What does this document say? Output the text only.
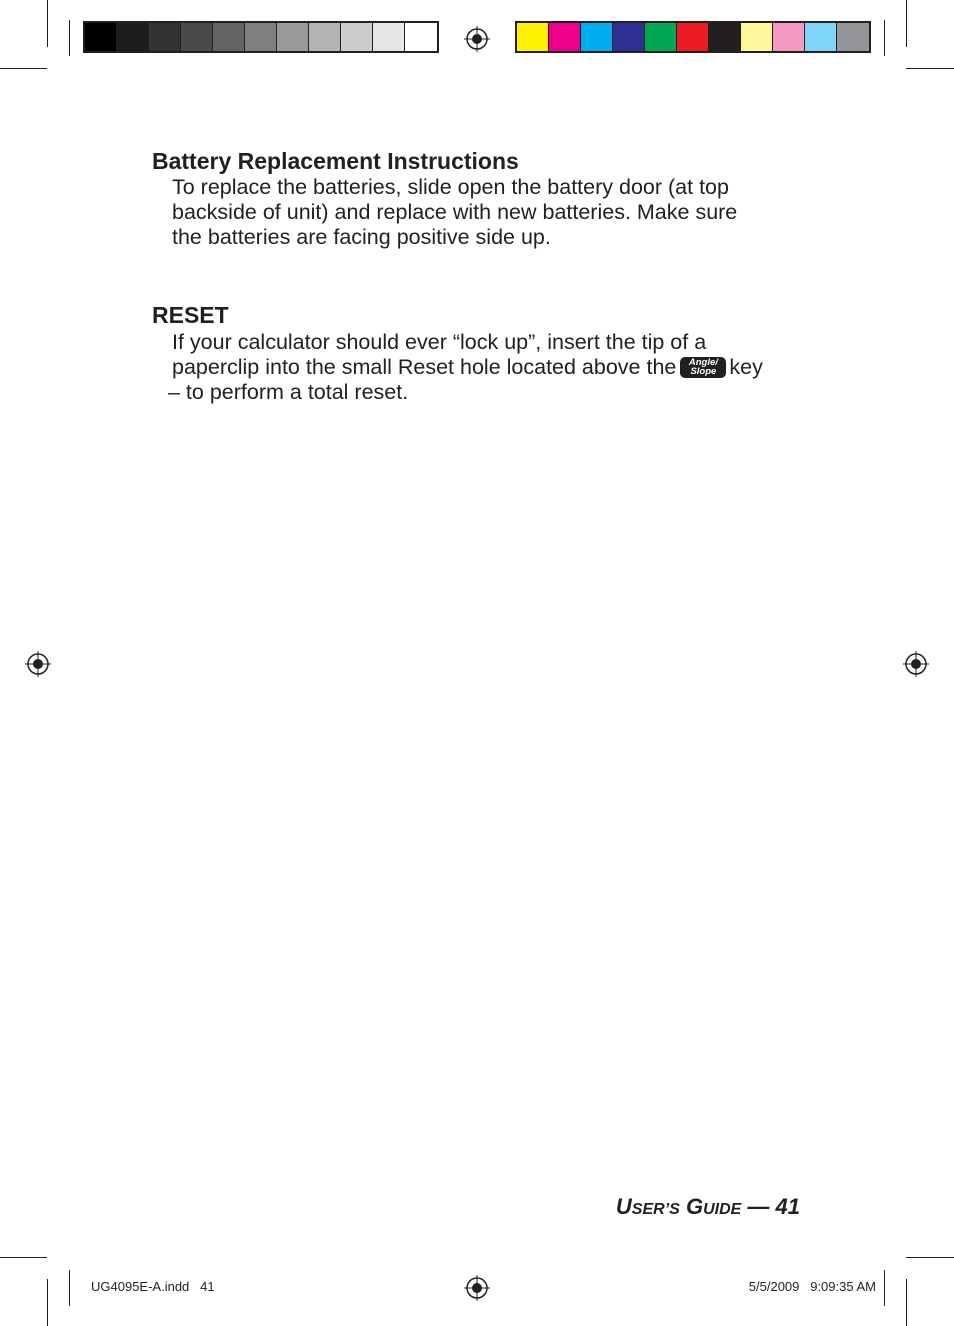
Battery Replacement Instructions

To replace the batteries, slide open the battery door (at top
backside of unit) and replace with new batteries. Make sure
the batteries are facing positive side up.

RESET

If your calculator should ever “lock up”, insert the tip of a
paperclip into the small Reset hole located above the	Angle/
Slope key
– to perform a total reset.

USER’S GUIDE — 41
UG4095E-A.indd   41	5/5/2009   9:09:35 AM
